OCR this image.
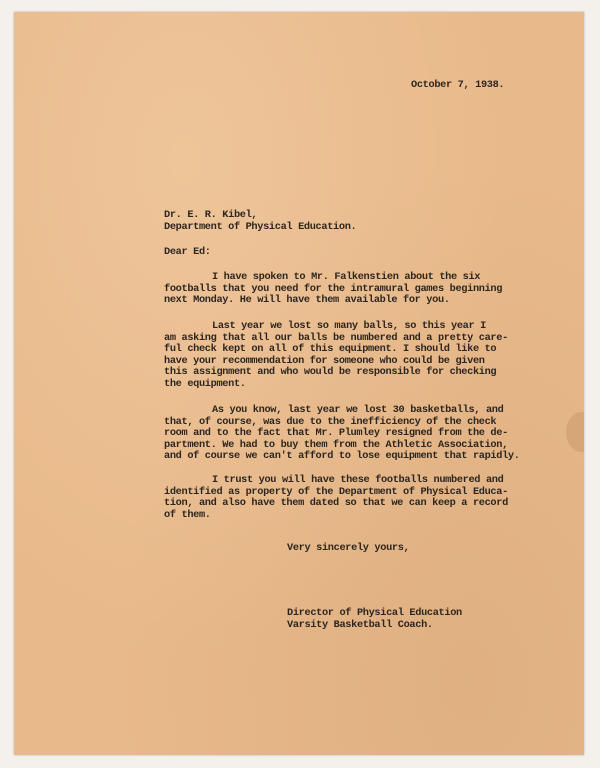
October 7, 1938.
Dr. E. R. Kibel,
Department of Physical Education.
Dear Ed:
I have spoken to Mr. Falkenstien about the six
footballs that you need for the intramural games beginning
next Monday. He will have them available for you.
Last year we lost so many balls, so this year I
am asking that all our balls be numbered and a pretty care-
ful check kept on all of this equipment. I should like to
have your recommendation for someone who could be given
this assignment and who would be responsible for checking
the equipment.
As you know, last year we lost 30 basketballs, and
that, of course, was due to the inefficiency of the check
room and to the fact that Mr. Plumley resigned from the de-
partment. We had to buy them from the Athletic Association,
and of course we can't afford to lose equipment that rapidly.
I trust you will have these footballs numbered and
identified as property of the Department of Physical Educa-
tion, and also have them dated so that we can keep a record
of them.
Very sincerely yours,
Director of Physical Education
Varsity Basketball Coach.
